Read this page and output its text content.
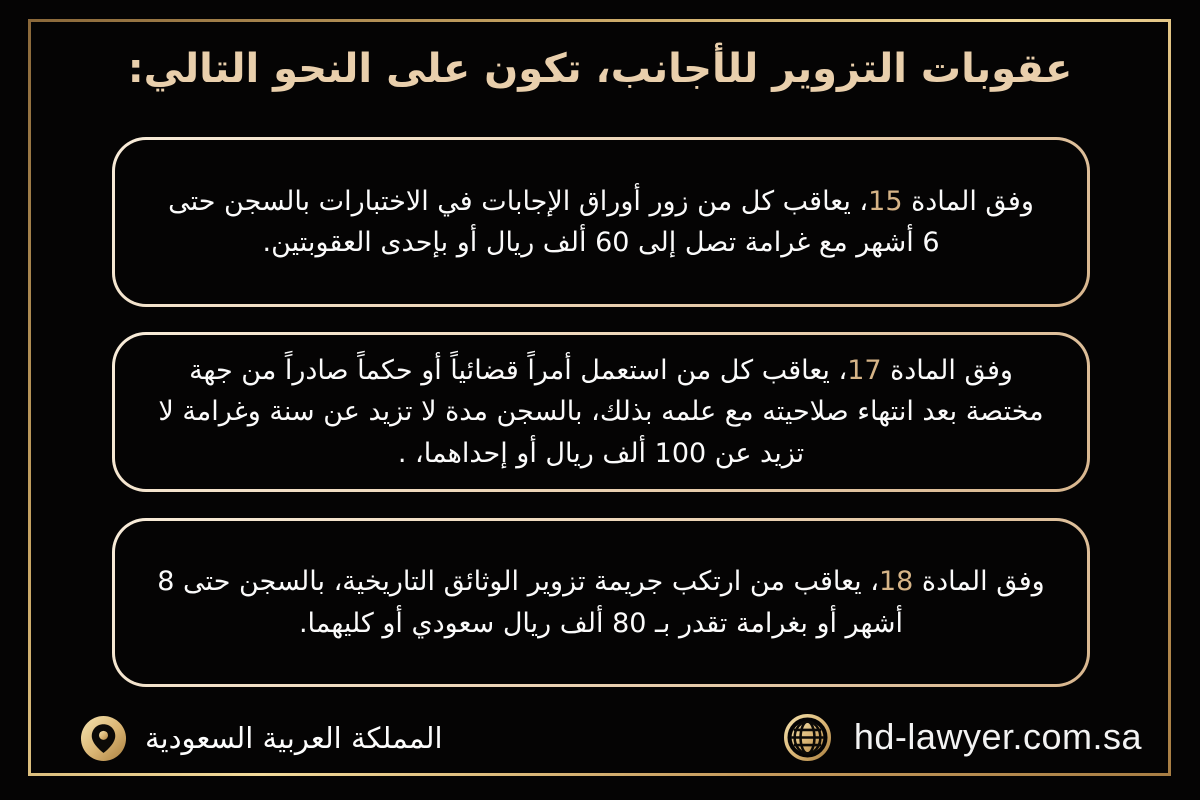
عقوبات التزوير للأجانب، تكون على النحو التالي:

وفق المادة 15، يعاقب كل من زور أوراق الإجابات في الاختبارات بالسجن حتى 6 أشهر مع غرامة تصل إلى 60 ألف ريال أو بإحدى العقوبتين.

وفق المادة 17، يعاقب كل من استعمل أمراً قضائياً أو حكماً صادراً من جهة مختصة بعد انتهاء صلاحيته مع علمه بذلك، بالسجن مدة لا تزيد عن سنة وغرامة لا تزيد عن 100 ألف ريال أو إحداهما، .

وفق المادة 18، يعاقب من ارتكب جريمة تزوير الوثائق التاريخية، بالسجن حتى 8 أشهر أو بغرامة تقدر بـ 80 ألف ريال سعودي أو كليهما.

المملكة العربية السعودية	hd-lawyer.com.sa
